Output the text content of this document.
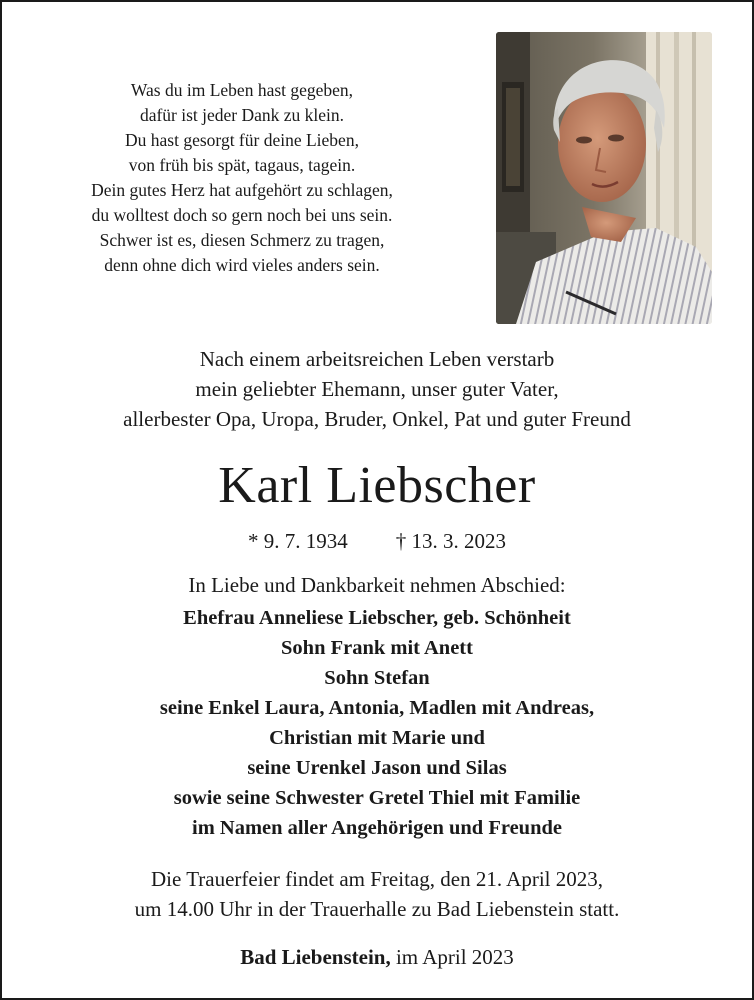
Was du im Leben hast gegeben,
dafür ist jeder Dank zu klein.
Du hast gesorgt für deine Lieben,
von früh bis spät, tagaus, tagein.
Dein gutes Herz hat aufgehört zu schlagen,
du wolltest doch so gern noch bei uns sein.
Schwer ist es, diesen Schmerz zu tragen,
denn ohne dich wird vieles anders sein.
Nach einem arbeitsreichen Leben verstarb
mein geliebter Ehemann, unser guter Vater,
allerbester Opa, Uropa, Bruder, Onkel, Pat und guter Freund
Karl Liebscher
* 9. 7. 1934 † 13. 3. 2023
In Liebe und Dankbarkeit nehmen Abschied:
Ehefrau Anneliese Liebscher, geb. Schönheit
Sohn Frank mit Anett
Sohn Stefan
seine Enkel Laura, Antonia, Madlen mit Andreas,
Christian mit Marie und
seine Urenkel Jason und Silas
sowie seine Schwester Gretel Thiel mit Familie
im Namen aller Angehörigen und Freunde
Die Trauerfeier findet am Freitag, den 21. April 2023,
um 14.00 Uhr in der Trauerhalle zu Bad Liebenstein statt.
Bad Liebenstein, im April 2023
